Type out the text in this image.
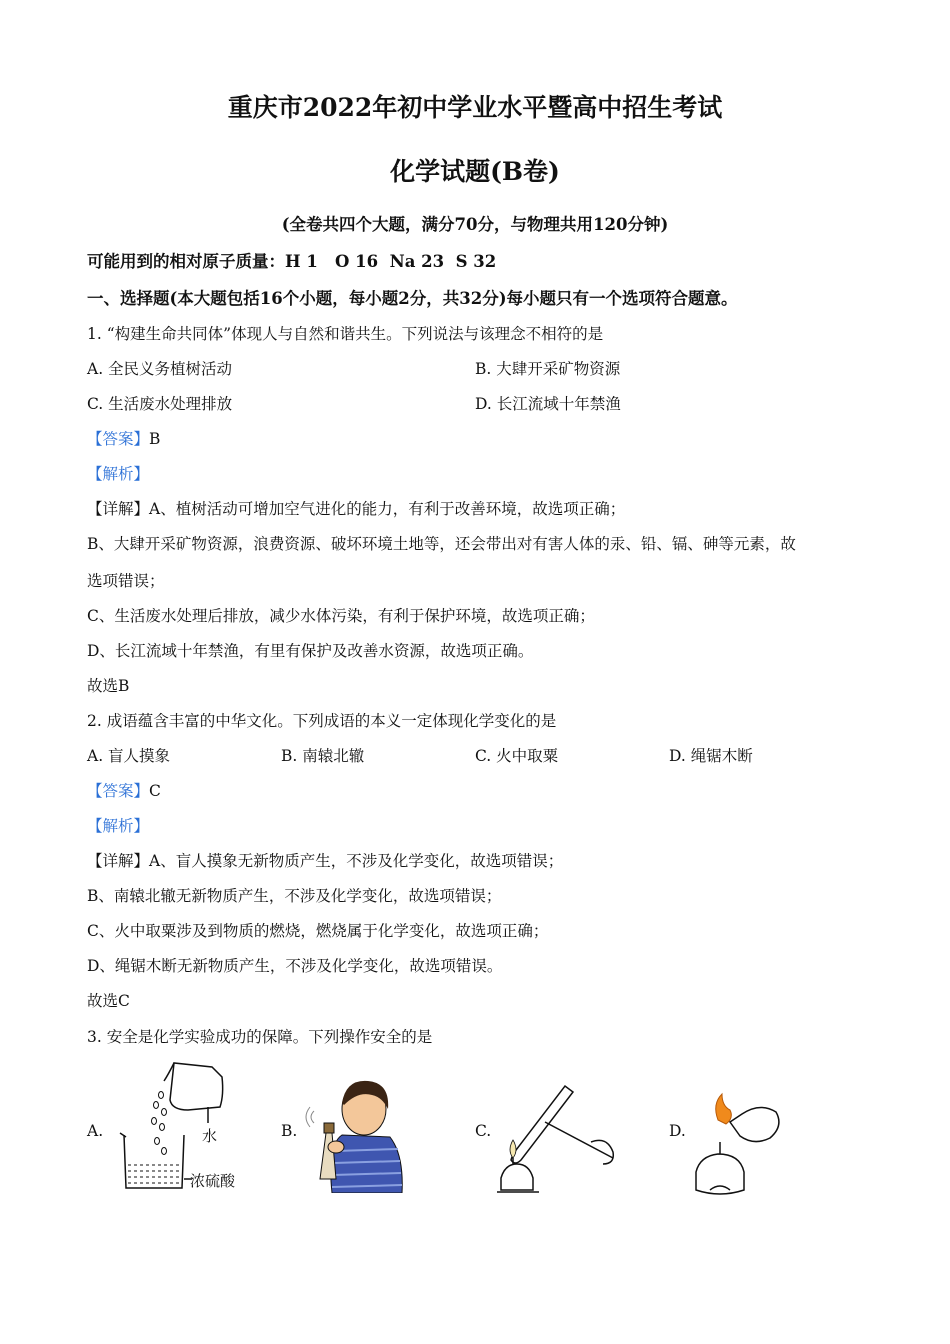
重庆市2022年初中学业水平暨高中招生考试
化学试题(B卷)
(全卷共四个大题，满分70分，与物理共用120分钟)
可能用到的相对原子质量：H 1   O 16  Na 23  S 32
一、选择题(本大题包括16个小题，每小题2分，共32分)每小题只有一个选项符合题意。
1. “构建生命共同体”体现人与自然和谐共生。下列说法与该理念不相符的是
A. 全民义务植树活动	B. 大肆开采矿物资源
C. 生活废水处理排放	D. 长江流域十年禁渔
【答案】B
【解析】
【详解】A、植树活动可增加空气进化的能力，有利于改善环境，故选项正确；
B、大肆开采矿物资源，浪费资源、破坏环境土地等，还会带出对有害人体的汞、铅、镉、砷等元素，故
选项错误；
C、生活废水处理后排放，减少水体污染，有利于保护环境，故选项正确；
D、长江流域十年禁渔，有里有保护及改善水资源，故选项正确。
故选B
2. 成语蕴含丰富的中华文化。下列成语的本义一定体现化学变化的是
A. 盲人摸象	B. 南辕北辙	C. 火中取粟	D. 绳锯木断
【答案】C
【解析】
【详解】A、盲人摸象无新物质产生，不涉及化学变化，故选项错误；
B、南辕北辙无新物质产生，不涉及化学变化，故选项错误；
C、火中取粟涉及到物质的燃烧，燃烧属于化学变化，故选项正确；
D、绳锯木断无新物质产生，不涉及化学变化，故选项错误。
故选C
3. 安全是化学实验成功的保障。下列操作安全的是
A.	B.	C.	D.
水
浓硫酸
